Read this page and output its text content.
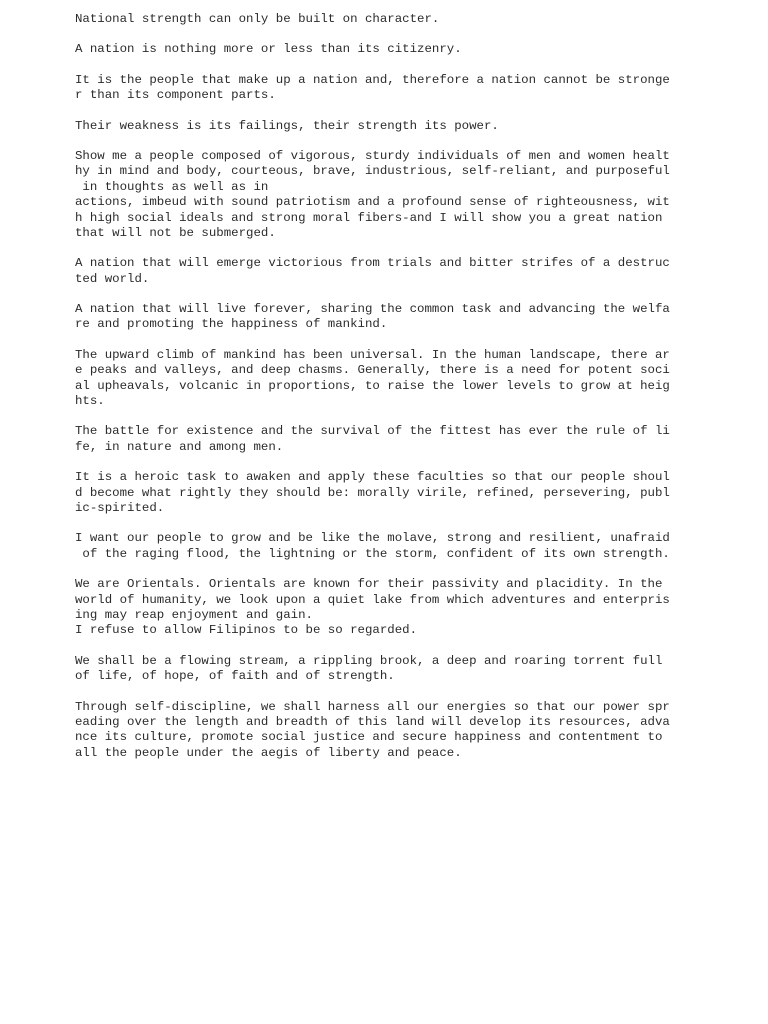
National strength can only be built on character.

A nation is nothing more or less than its citizenry.

It is the people that make up a nation and, therefore a nation cannot be stronge
r than its component parts.

Their weakness is its failings, their strength its power.

Show me a people composed of vigorous, sturdy individuals of men and women healt
hy in mind and body, courteous, brave, industrious, self-reliant, and purposeful
in thoughts as well as in
actions, imbeud with sound patriotism and a profound sense of righteousness, wit
h high social ideals and strong moral fibers-and I will show you a great nation
that will not be submerged.

A nation that will emerge victorious from trials and bitter strifes of a destruc
ted world.

A nation that will live forever, sharing the common task and advancing the welfa
re and promoting the happiness of mankind.

The upward climb of mankind has been universal. In the human landscape, there ar
e peaks and valleys, and deep chasms. Generally, there is a need for potent soci
al upheavals, volcanic in proportions, to raise the lower levels to grow at heig
hts.

The battle for existence and the survival of the fittest has ever the rule of li
fe, in nature and among men.

It is a heroic task to awaken and apply these faculties so that our people shoul
d become what rightly they should be: morally virile, refined, persevering, publ
ic-spirited.

I want our people to grow and be like the molave, strong and resilient, unafraid
of the raging flood, the lightning or the storm, confident of its own strength.

We are Orientals. Orientals are known for their passivity and placidity. In the
world of humanity, we look upon a quiet lake from which adventures and enterpris
ing may reap enjoyment and gain.
I refuse to allow Filipinos to be so regarded.

We shall be a flowing stream, a rippling brook, a deep and roaring torrent full
of life, of hope, of faith and of strength.

Through self-discipline, we shall harness all our energies so that our power spr
eading over the length and breadth of this land will develop its resources, adva
nce its culture, promote social justice and secure happiness and contentment to
all the people under the aegis of liberty and peace.
